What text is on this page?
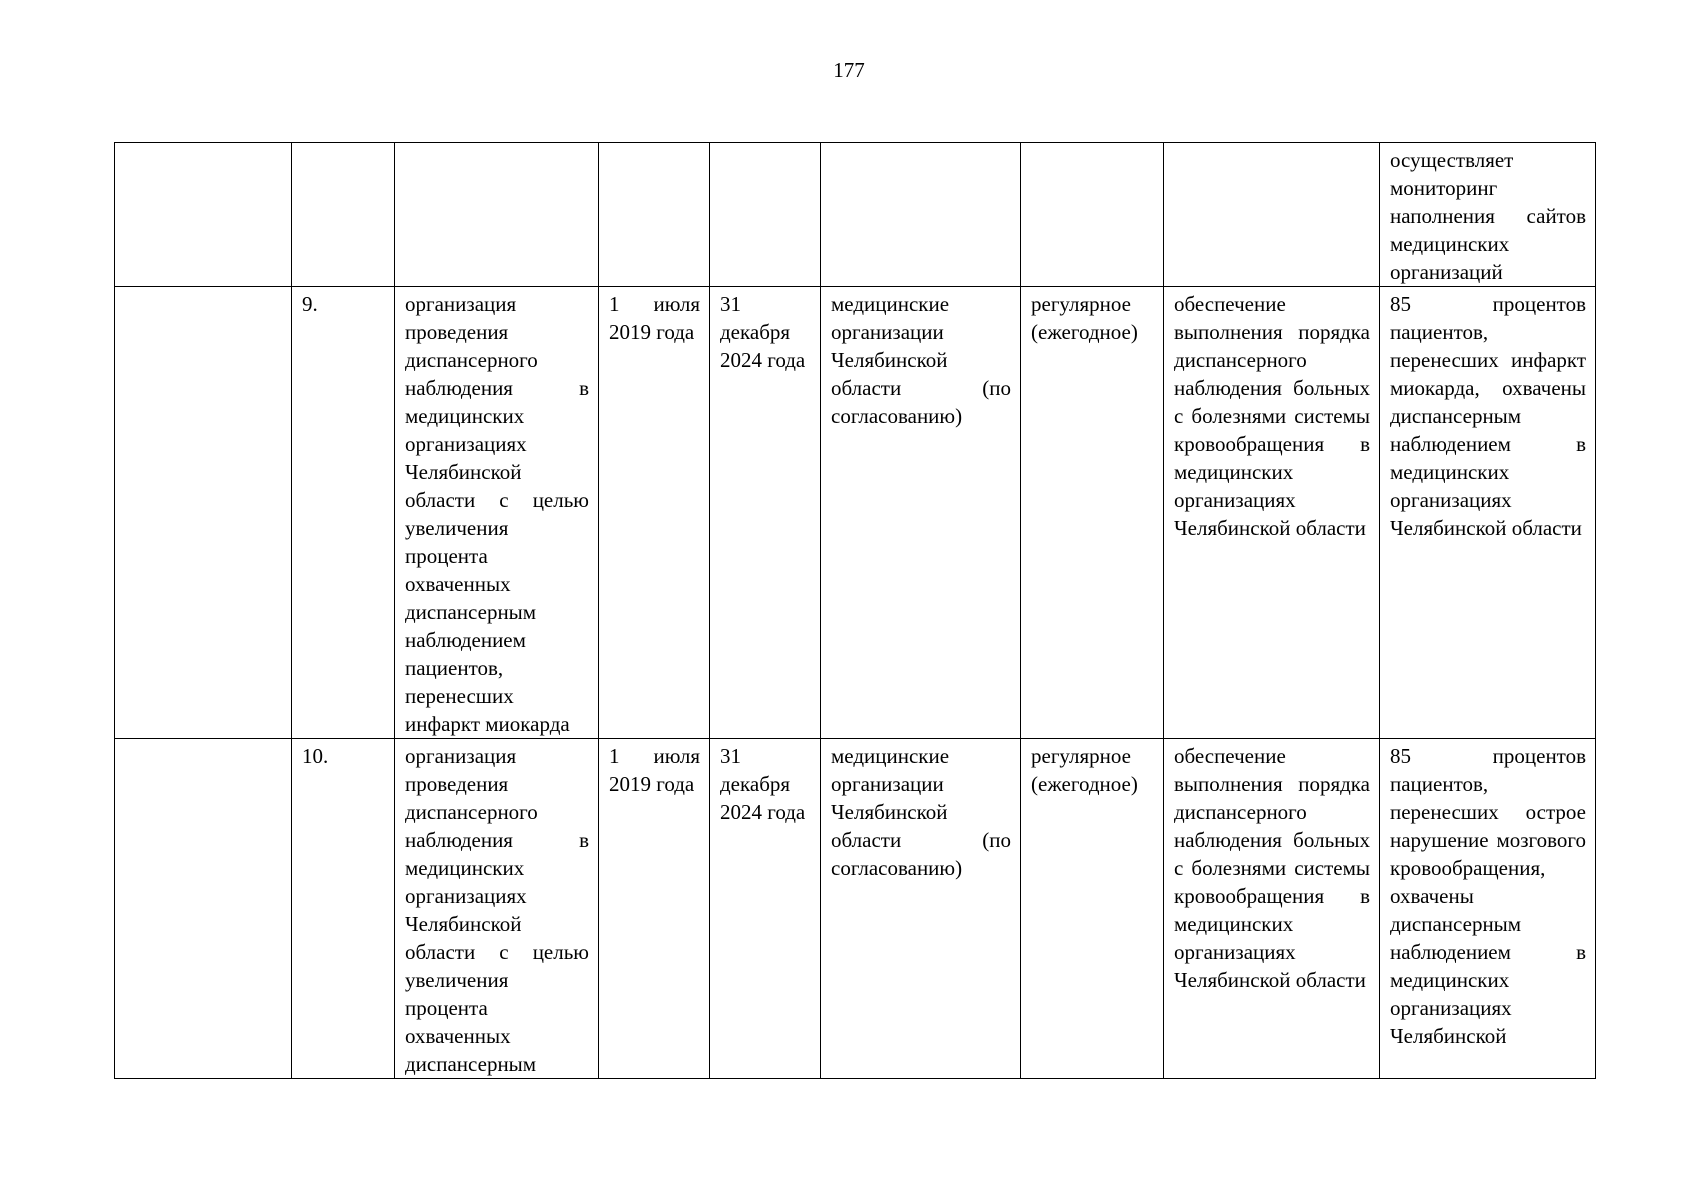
177
								осуществляет мониторинг наполнения сайтов медицинских организаций
	9.	организация проведения диспансерного наблюдения в медицинских организациях Челябинской области с целью увеличения процента охваченных диспансерным наблюдением пациентов, перенесших инфаркт миокарда	1 июля 2019 года	31 декабря 2024 года	медицинские организации Челябинской области (по согласованию)	регулярное (ежегодное)	обеспечение выполнения порядка диспансерного наблюдения больных с болезнями системы кровообращения в медицинских организациях Челябинской области	85 процентов пациентов, перенесших инфаркт миокарда, охвачены диспансерным наблюдением в медицинских организациях Челябинской области
	10.	организация проведения диспансерного наблюдения в медицинских организациях Челябинской области с целью увеличения процента охваченных диспансерным	1 июля 2019 года	31 декабря 2024 года	медицинские организации Челябинской области (по согласованию)	регулярное (ежегодное)	обеспечение выполнения порядка диспансерного наблюдения больных с болезнями системы кровообращения в медицинских организациях Челябинской области	85 процентов пациентов, перенесших острое нарушение мозгового кровообращения, охвачены диспансерным наблюдением в медицинских организациях Челябинской
